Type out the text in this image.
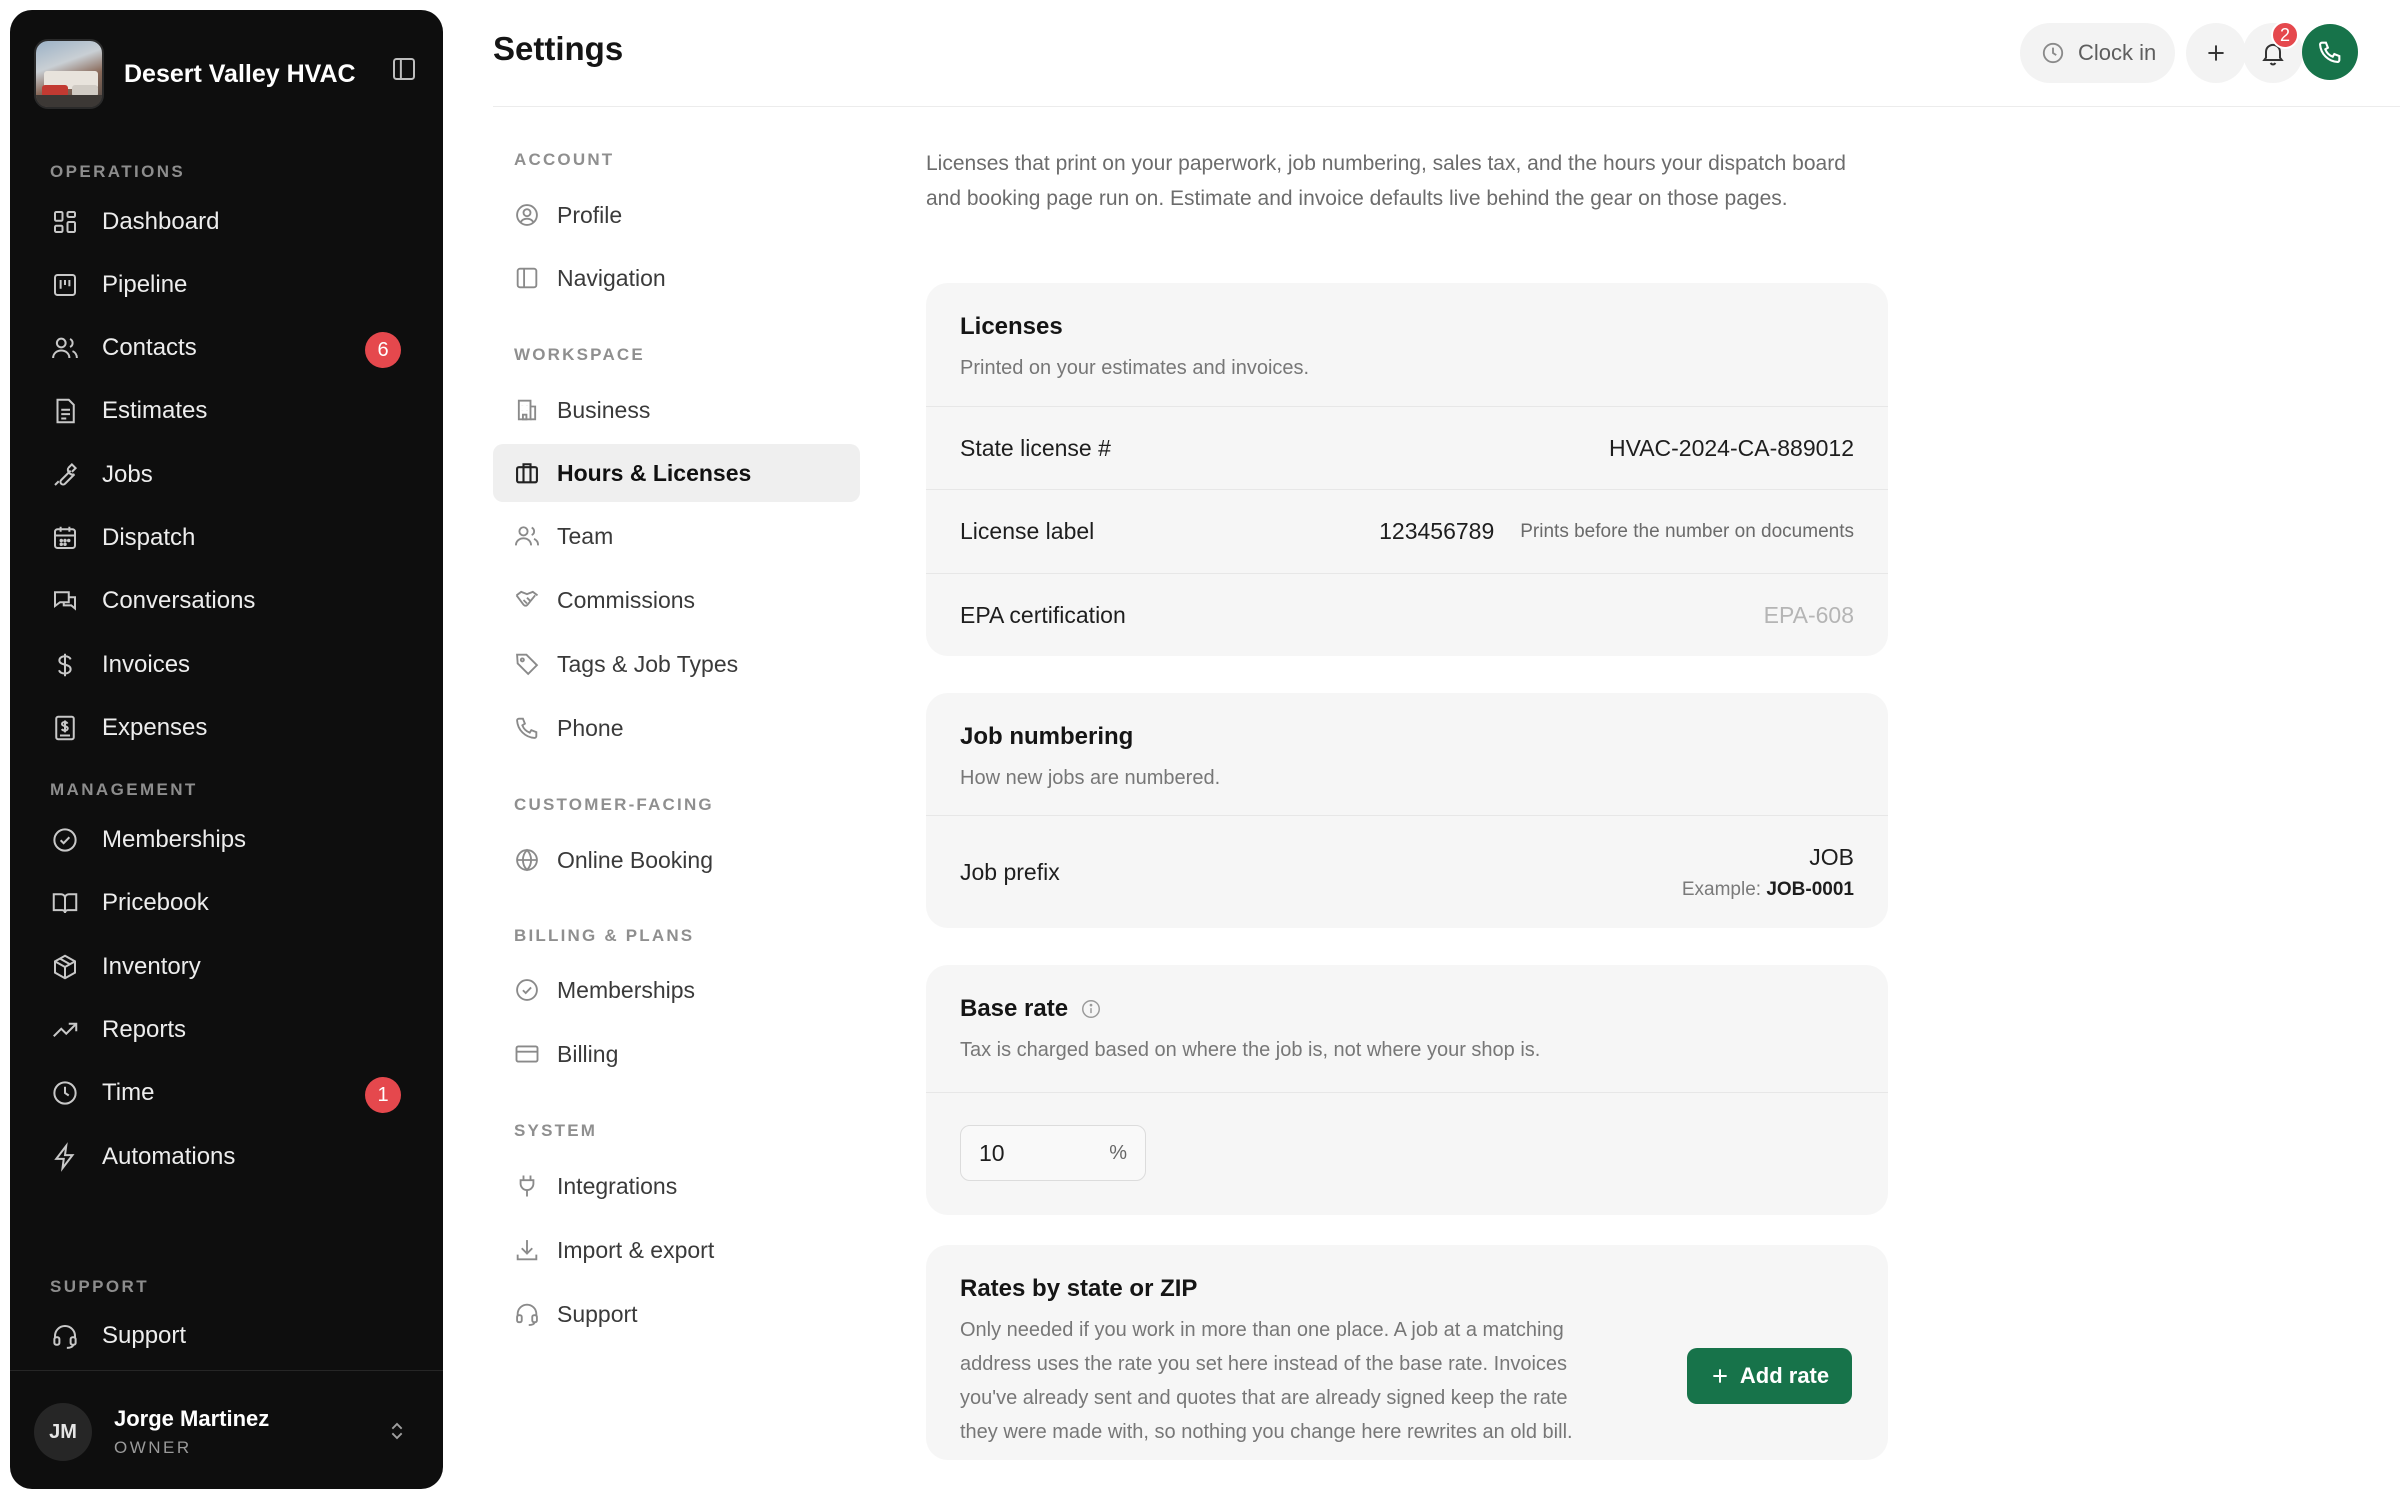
Desert Valley HVAC
OPERATIONS
Dashboard
Pipeline
Contacts	6
Estimates
Jobs
Dispatch
Conversations
Invoices
Expenses
MANAGEMENT
Memberships
Pricebook
Inventory
Reports
Time	1
Automations
SUPPORT
Support
JM
Jorge Martinez
OWNER
Settings	Clock in
2
ACCOUNT
Profile
Navigation
WORKSPACE
Business
Hours & Licenses
Team
Commissions
Tags & Job Types
Phone
CUSTOMER-FACING
Online Booking
BILLING & PLANS
Memberships
Billing
SYSTEM
Integrations
Import & export
Support

Licenses that print on your paperwork, job numbering, sales tax, and the hours your dispatch board and booking page run on. Estimate and invoice defaults live behind the gear on those pages.

Licenses
Printed on your estimates and invoices.
State license #	HVAC-2024-CA-889012
License label	123456789 Prints before the number on documents
EPA certification	EPA-608
Job numbering
How new jobs are numbered.
Job prefix
JOB
Example: JOB-0001
Base rate
Tax is charged based on where the job is, not where your shop is.
10	%
Rates by state or ZIP
Only needed if you work in more than one place. A job at a matching address uses the rate you set here instead of the base rate. Invoices you've already sent and quotes that are already signed keep the rate they were made with, so nothing you change here rewrites an old bill.
Add rate
